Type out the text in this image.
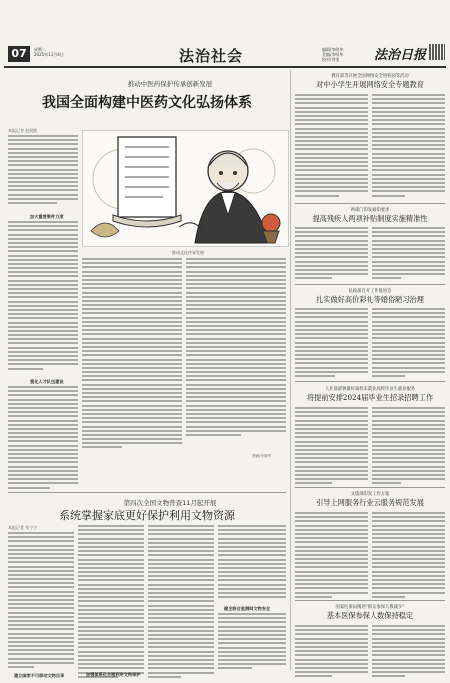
07	星期二
2025年11月4日	法治社会	编辑/李明华
美编/李明华
校对/刘雯	法治日报
推动中医药保护传承创新发展
我国全面构建中医药文化弘扬体系
本报记者 赵晨熙
加大重要案件力度
强化人才队伍建设
推动文化传承发展
漫画/李晓军
第四次全国文物普查11月起开展
系统掌握家底更好保护利用文物资源
本报记者 张宁宁
建立国家不可移动文物目录	加强体系化合理利用文物保护
健全联合监测网文物安全
教育部等开展全国网络安全进校园等活动
对中小学生开展网络安全专题教育
两部门印发通知要求
提高残疾人两项补贴制度实施精准性
民政部召开工作推进会
扎实做好高价彩礼等婚俗陋习治理
人社部部署做好离校未就业高校毕业生就业服务
将提前安排2024届毕业生招录招聘工作
文旅部印发工作方案
引导上网服务行业云服务规范发展
国家医保局阐述“群众参保人数减少”
基本医保参保人数保持稳定
